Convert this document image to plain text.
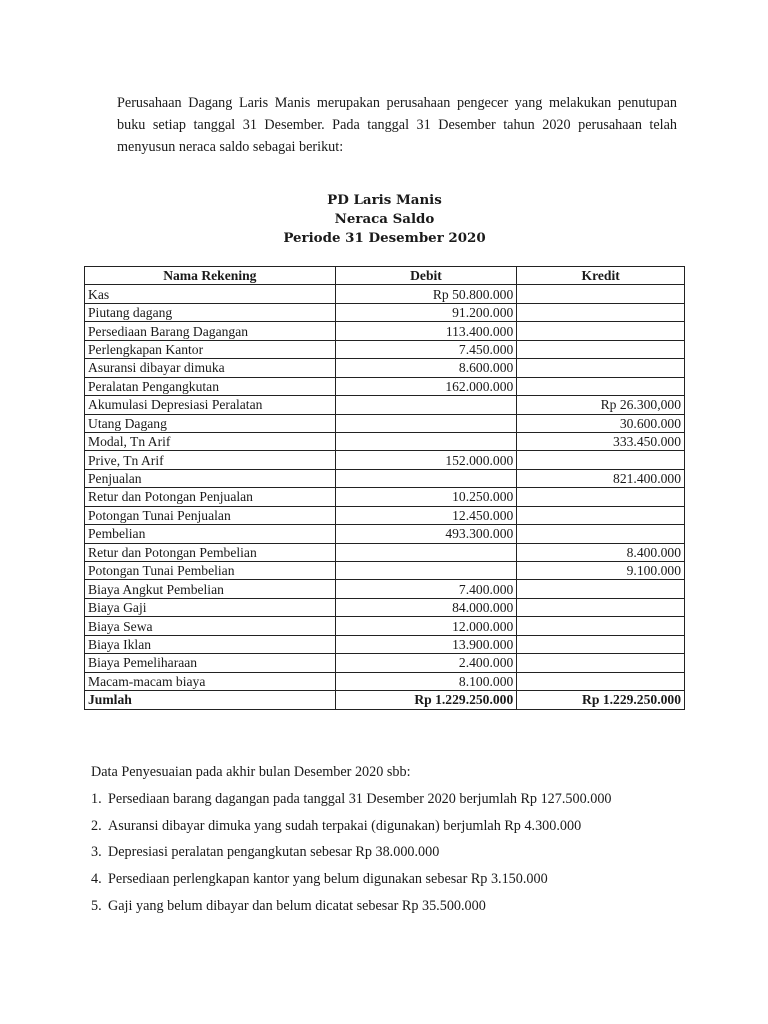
Perusahaan Dagang Laris Manis merupakan perusahaan pengecer yang melakukan penutupan buku setiap tanggal 31 Desember. Pada tanggal 31 Desember tahun 2020 perusahaan telah menyusun neraca saldo sebagai berikut:

PD Laris Manis
Neraca Saldo
Periode 31 Desember 2020
Nama Rekening	Debit	Kredit
Kas	Rp 50.800.000	
Piutang dagang	91.200.000	
Persediaan Barang Dagangan	113.400.000	
Perlengkapan Kantor	7.450.000	
Asuransi dibayar dimuka	8.600.000	
Peralatan Pengangkutan	162.000.000	
Akumulasi Depresiasi Peralatan		Rp 26.300,000
Utang Dagang		30.600.000
Modal, Tn Arif		333.450.000
Prive, Tn Arif	152.000.000	
Penjualan		821.400.000
Retur dan Potongan Penjualan	10.250.000	
Potongan Tunai Penjualan	12.450.000	
Pembelian	493.300.000	
Retur dan Potongan Pembelian		8.400.000
Potongan Tunai Pembelian		9.100.000
Biaya Angkut Pembelian	7.400.000	
Biaya Gaji	84.000.000	
Biaya Sewa	12.000.000	
Biaya Iklan	13.900.000	
Biaya Pemeliharaan	2.400.000	
Macam-macam biaya	8.100.000	
Jumlah	Rp 1.229.250.000	Rp 1.229.250.000

Data Penyesuaian pada akhir bulan Desember 2020 sbb:

1. Persediaan barang dagangan pada tanggal 31 Desember 2020 berjumlah Rp 127.500.000
2. Asuransi dibayar dimuka yang sudah terpakai (digunakan) berjumlah Rp 4.300.000
3. Depresiasi peralatan pengangkutan sebesar Rp 38.000.000
4. Persediaan perlengkapan kantor yang belum digunakan sebesar Rp 3.150.000
5. Gaji yang belum dibayar dan belum dicatat sebesar Rp 35.500.000
